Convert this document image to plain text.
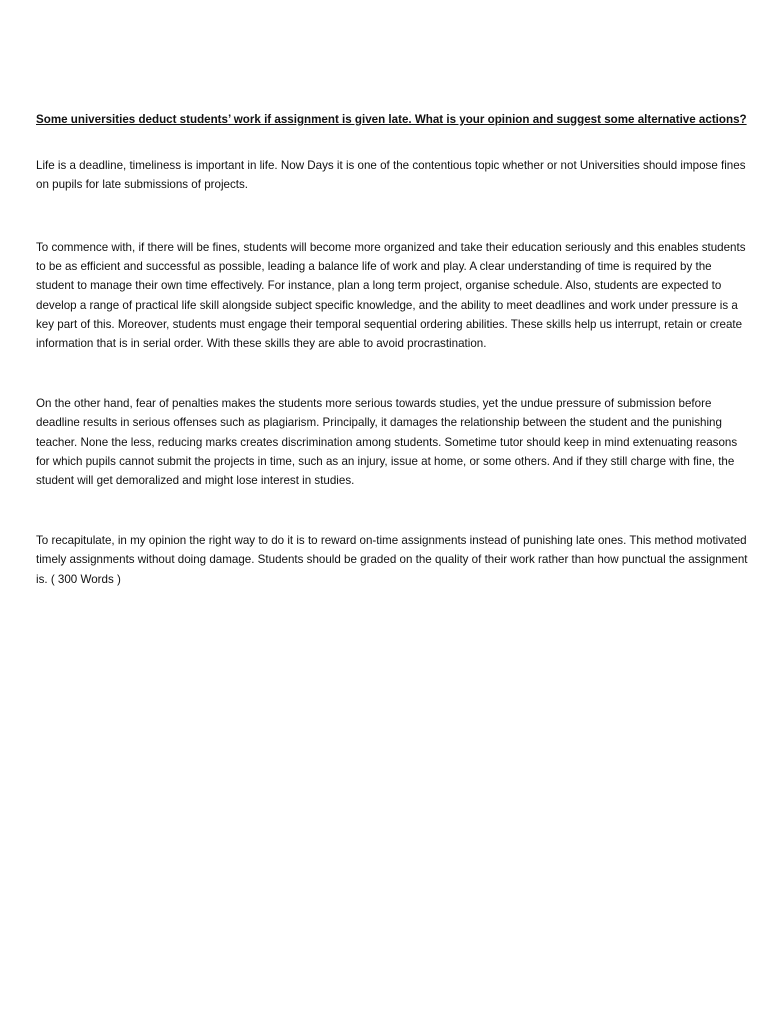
Some universities deduct students’ work if assignment is given late. What is your opinion and suggest some alternative actions?

Life is a deadline, timeliness is important in life. Now Days it is one of the contentious topic whether or not Universities should impose fines on pupils for late submissions of projects.

To commence with, if there will be fines, students will become more organized and take their education seriously and this enables students to be as efficient and successful as possible, leading a balance life of work and play. A clear understanding of time is required by the student to manage their own time effectively. For instance, plan a long term project, organise schedule. Also, students are expected to develop a range of practical life skill alongside subject specific knowledge, and the ability to meet deadlines and work under pressure is a key part of this. Moreover, students must engage their temporal sequential ordering abilities. These skills help us interrupt, retain or create information that is in serial order. With these skills they are able to avoid procrastination.

On the other hand, fear of penalties makes the students more serious towards studies, yet the undue pressure of submission before deadline results in serious offenses such as plagiarism. Principally, it damages the relationship between the student and the punishing teacher. None the less, reducing marks creates discrimination among students. Sometime tutor should keep in mind extenuating reasons for which pupils cannot submit the projects in time, such as an injury, issue at home, or some others. And if they still charge with fine, the student will get demoralized and might lose interest in studies.

To recapitulate, in my opinion the right way to do it is to reward on-time assignments instead of punishing late ones. This method motivated timely assignments without doing damage. Students should be graded on the quality of their work rather than how punctual the assignment is. ( 300 Words )
